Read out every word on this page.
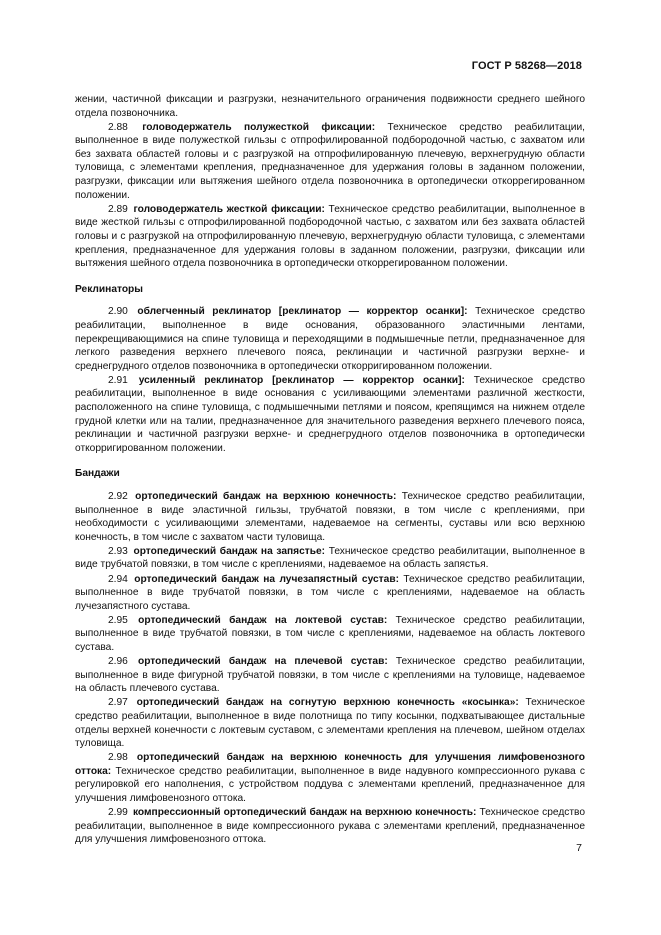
ГОСТ Р 58268—2018
жении, частичной фиксации и разгрузки, незначительного ограничения подвижности среднего шейного отдела позвоночника.
2.88 головодержатель полужесткой фиксации: Техническое средство реабилитации, выполненное в виде полужесткой гильзы с отпрофилированной подбородочной частью, с захватом или без захвата областей головы и с разгрузкой на отпрофилированную плечевую, верхнегрудную области туловища, с элементами крепления, предназначенное для удержания головы в заданном положении, разгрузки, фиксации или вытяжения шейного отдела позвоночника в ортопедически откоррегированном положении.
2.89 головодержатель жесткой фиксации: Техническое средство реабилитации, выполненное в виде жесткой гильзы с отпрофилированной подбородочной частью, с захватом или без захвата областей головы и с разгрузкой на отпрофилированную плечевую, верхнегрудную области туловища, с элементами крепления, предназначенное для удержания головы в заданном положении, разгрузки, фиксации или вытяжения шейного отдела позвоночника в ортопедически откоррегированном положении.
Реклинаторы
2.90 облегченный реклинатор [реклинатор — корректор осанки]: Техническое средство реабилитации, выполненное в виде основания, образованного эластичными лентами, перекрещивающимися на спине туловища и переходящими в подмышечные петли, предназначенное для легкого разведения верхнего плечевого пояса, реклинации и частичной разгрузки верхне- и среднегрудного отделов позвоночника в ортопедически откорригированном положении.
2.91 усиленный реклинатор [реклинатор — корректор осанки]: Техническое средство реабилитации, выполненное в виде основания с усиливающими элементами различной жесткости, расположенного на спине туловища, с подмышечными петлями и поясом, крепящимся на нижнем отделе грудной клетки или на талии, предназначенное для значительного разведения верхнего плечевого пояса, реклинации и частичной разгрузки верхне- и среднегрудного отделов позвоночника в ортопедически откорригированном положении.
Бандажи
2.92 ортопедический бандаж на верхнюю конечность: Техническое средство реабилитации, выполненное в виде эластичной гильзы, трубчатой повязки, в том числе с креплениями, при необходимости с усиливающими элементами, надеваемое на сегменты, суставы или всю верхнюю конечность, в том числе с захватом части туловища.
2.93 ортопедический бандаж на запястье: Техническое средство реабилитации, выполненное в виде трубчатой повязки, в том числе с креплениями, надеваемое на область запястья.
2.94 ортопедический бандаж на лучезапястный сустав: Техническое средство реабилитации, выполненное в виде трубчатой повязки, в том числе с креплениями, надеваемое на область лучезапястного сустава.
2.95 ортопедический бандаж на локтевой сустав: Техническое средство реабилитации, выполненное в виде трубчатой повязки, в том числе с креплениями, надеваемое на область локтевого сустава.
2.96 ортопедический бандаж на плечевой сустав: Техническое средство реабилитации, выполненное в виде фигурной трубчатой повязки, в том числе с креплениями на туловище, надеваемое на область плечевого сустава.
2.97 ортопедический бандаж на согнутую верхнюю конечность «косынка»: Техническое средство реабилитации, выполненное в виде полотнища по типу косынки, подхватывающее дистальные отделы верхней конечности с локтевым суставом, с элементами крепления на плечевом, шейном отделах туловища.
2.98 ортопедический бандаж на верхнюю конечность для улучшения лимфовенозного оттока: Техническое средство реабилитации, выполненное в виде надувного компрессионного рукава с регулировкой его наполнения, с устройством поддува с элементами креплений, предназначенное для улучшения лимфовенозного оттока.
2.99 компрессионный ортопедический бандаж на верхнюю конечность: Техническое средство реабилитации, выполненное в виде компрессионного рукава с элементами креплений, предназначенное для улучшения лимфовенозного оттока.
7
